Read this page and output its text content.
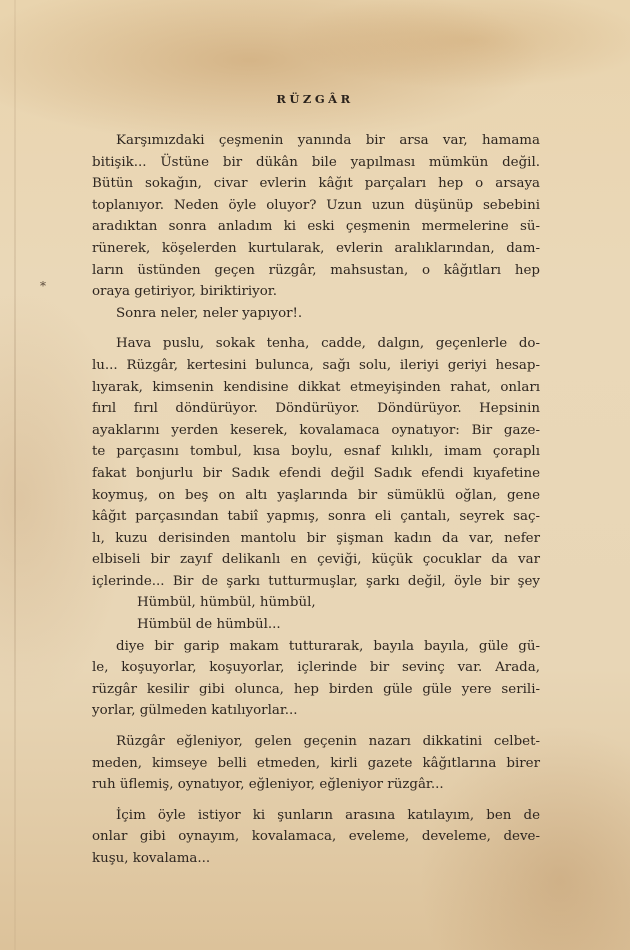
RÜZGÂR
*
Karşımızdaki çeşmenin yanında bir arsa var, hamama
bitişik... Üstüne bir dükân bile yapılması mümkün değil.
Bütün sokağın, civar evlerin kâğıt parçaları hep o arsaya
toplanıyor. Neden öyle oluyor? Uzun uzun düşünüp sebebini
aradıktan sonra anladım ki eski çeşmenin mermelerine sü-
rünerek, köşelerden kurtularak, evlerin aralıklarından, dam-
ların üstünden geçen rüzgâr, mahsustan, o kâğıtları hep
oraya getiriyor, biriktiriyor.
Sonra neler, neler yapıyor!.
Hava puslu, sokak tenha, cadde, dalgın, geçenlerle do-
lu... Rüzgâr, kertesini bulunca, sağı solu, ileriyi geriyi hesap-
lıyarak, kimsenin kendisine dikkat etmeyişinden rahat, onları
fırıl fırıl döndürüyor. Döndürüyor. Döndürüyor. Hepsinin
ayaklarını yerden keserek, kovalamaca oynatıyor: Bir gaze-
te parçasını tombul, kısa boylu, esnaf kılıklı, imam çoraplı
fakat bonjurlu bir Sadık efendi değil Sadık efendi kıyafetine
koymuş, on beş on altı yaşlarında bir sümüklü oğlan, gene
kâğıt parçasından tabiî yapmış, sonra eli çantalı, seyrek saç-
lı, kuzu derisinden mantolu bir şişman kadın da var, nefer
elbiseli bir zayıf delikanlı en çeviği, küçük çocuklar da var
içlerinde... Bir de şarkı tutturmuşlar, şarkı değil, öyle bir şey
Hümbül, hümbül, hümbül,
Hümbül de hümbül...
diye bir garip makam tutturarak, bayıla bayıla, güle gü-
le, koşuyorlar, koşuyorlar, içlerinde bir sevinç var. Arada,
rüzgâr kesilir gibi olunca, hep birden güle güle yere serili-
yorlar, gülmeden katılıyorlar...
Rüzgâr eğleniyor, gelen geçenin nazarı dikkatini celbet-
meden, kimseye belli etmeden, kirli gazete kâğıtlarına birer
ruh üflemiş, oynatıyor, eğleniyor, eğleniyor rüzgâr...
İçim öyle istiyor ki şunların arasına katılayım, ben de
onlar gibi oynayım, kovalamaca, eveleme, develeme, deve-
kuşu, kovalama...
